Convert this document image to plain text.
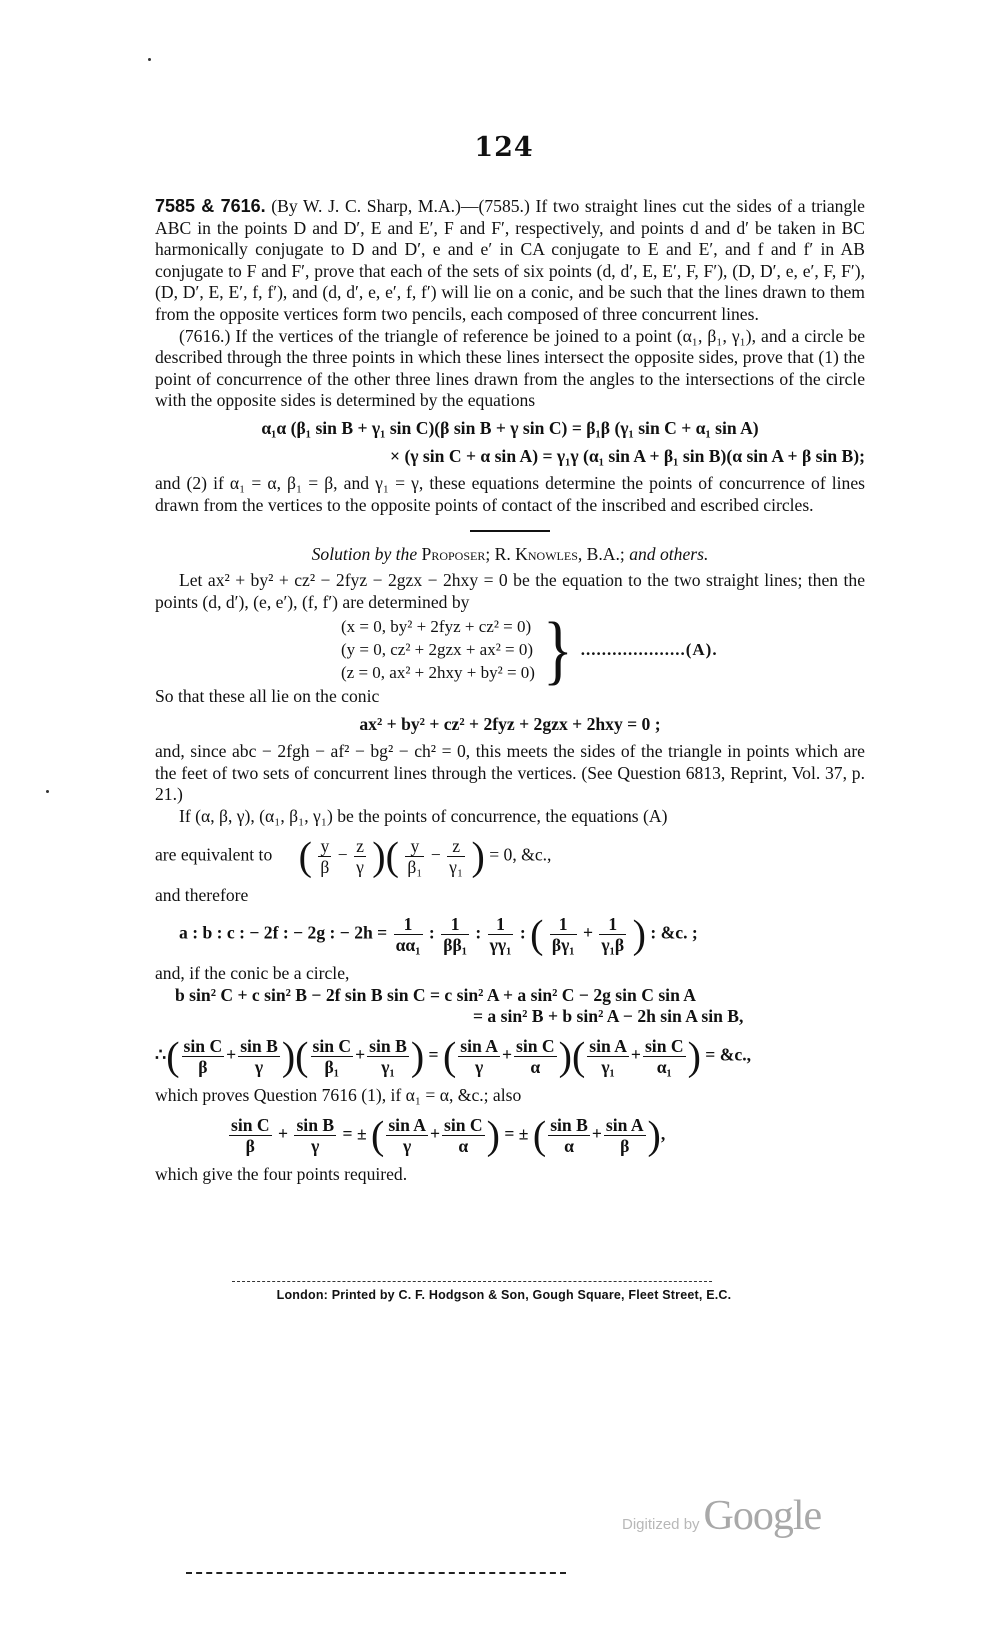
124

7585 & 7616. (By W. J. C. Sharp, M.A.)—(7585.) If two straight lines cut the sides of a triangle ABC in the points D and D′, E and E′, F and F′, respectively, and points d and d′ be taken in BC harmonically conjugate to D and D′, e and e′ in CA conjugate to E and E′, and f and f′ in AB conjugate to F and F′, prove that each of the sets of six points (d, d′, E, E′, F, F′), (D, D′, e, e′, F, F′), (D, D′, E, E′, f, f′), and (d, d′, e, e′, f, f′) will lie on a conic, and be such that the lines drawn to them from the opposite vertices form two pencils, each composed of three concurrent lines.

(7616.) If the vertices of the triangle of reference be joined to a point (α₁, β₁, γ₁), and a circle be described through the three points in which these lines intersect the opposite sides, prove that (1) the point of concurrence of the other three lines drawn from the angles to the intersections of the circle with the opposite sides is determined by the equations

α₁α (β₁ sin B + γ₁ sin C)(β sin B + γ sin C) = β₁β (γ₁ sin C + α₁ sin A)
× (γ sin C + α sin A) = γ₁γ (α₁ sin A + β₁ sin B)(α sin A + β sin B);

and (2) if α₁ = α, β₁ = β, and γ₁ = γ, these equations determine the points of concurrence of lines drawn from the vertices to the opposite points of contact of the inscribed and escribed circles.

Solution by the Proposer; R. Knowles, B.A.; and others.

Let ax² + by² + cz² − 2fyz − 2gzx − 2hxy = 0 be the equation to the two straight lines; then the points (d, d′), (e, e′), (f, f′) are determined by

(x = 0, by² + 2fyz + cz² = 0)
(y = 0, cz² + 2gzx + ax² = 0)
(z = 0, ax² + 2hxy + by² = 0) } ....................(A).

So that these all lie on the conic

ax² + by² + cz² + 2fyz + 2gzx + 2hxy = 0 ;

and, since abc − 2fgh − af² − bg² − ch² = 0, this meets the sides of the triangle in points which are the feet of two sets of concurrent lines through the vertices. (See Question 6813, Reprint, Vol. 37, p. 21.)

If (α, β, γ), (α₁, β₁, γ₁) be the points of concurrence, the equations (A)

are equivalent to ( $\frac{y}{\beta} - \frac{z}{\gamma}$ )( $\frac{y}{\text{β₁}} - \frac{z}{\text{γ₁}}$ ) = 0, &c.,

and therefore

a : b : c : − 2f : − 2g : − $2h = \frac{1}{\text{αα₁}}$ : $\frac{1}{\text{ββ₁}}$ : $\frac{1}{\text{γγ₁}}$ : ( $\frac{1}{\text{βγ₁}} + \frac{1}{\text{γ₁β}}$ ) : &c. ;

and, if the conic be a circle,

b sin² C + c sin² B − 2f sin B sin C = c sin² A + a sin² C − 2g sin C sin A
= a sin² B + b sin² A − 2h sin A sin B,
∴( $\frac{\text{sin C}}{\beta} + \frac{\text{sin B}}{\gamma}$ )( $\frac{\text{sin C}}{\text{β₁}} + \frac{\text{sin B}}{\text{γ₁}}$ ) = ( $\frac{\text{sin A}}{\gamma} + \frac{\text{sin C}}{\alpha}$ )( $\frac{\text{sin A}}{\text{γ₁}} + \frac{\text{sin C}}{\text{α₁}}$ ) = &c.,

which proves Question 7616 (1), if α₁ = α, &c.; also

$\frac{\text{sin C}}{\beta} + \frac{\text{sin B}}{\gamma}$ = ± ( $\frac{\text{sin A}}{\gamma} + \frac{\text{sin C}}{\alpha}$ ) = ± ( $\frac{\text{sin B}}{\alpha} + \frac{\text{sin A}}{\beta}$ ),

which give the four points required.

London: Printed by C. F. Hodgson & Son, Gough Square, Fleet Street, E.C.
Digitized by Google
